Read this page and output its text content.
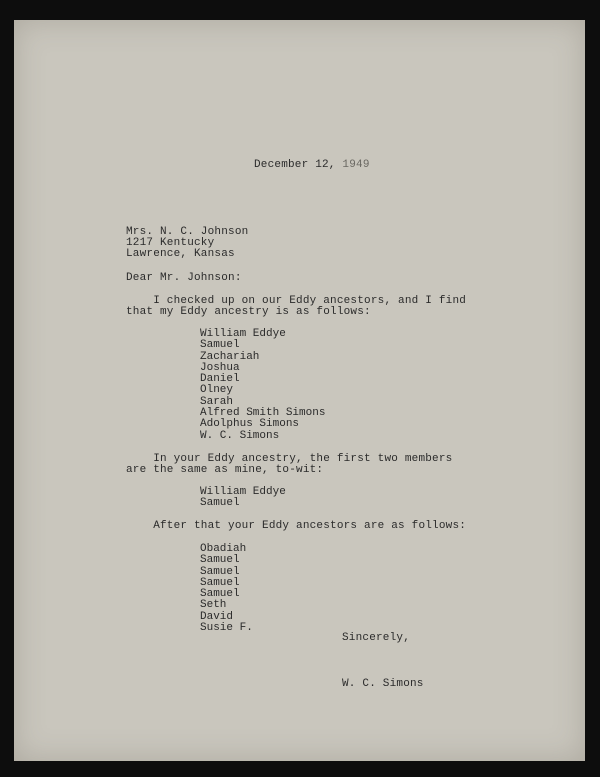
December 12, 1949
Mrs. N. C. Johnson
1217 Kentucky
Lawrence, Kansas
Dear Mr. Johnson:
I checked up on our Eddy ancestors, and I find
that my Eddy ancestry is as follows:
William Eddye
Samuel
Zachariah
Joshua
Daniel
Olney
Sarah
Alfred Smith Simons
Adolphus Simons
W. C. Simons
In your Eddy ancestry, the first two members
are the same as mine, to-wit:
William Eddye
Samuel
After that your Eddy ancestors are as follows:
Obadiah
Samuel
Samuel
Samuel
Samuel
Seth
David
Susie F.
Sincerely,
W. C. Simons
